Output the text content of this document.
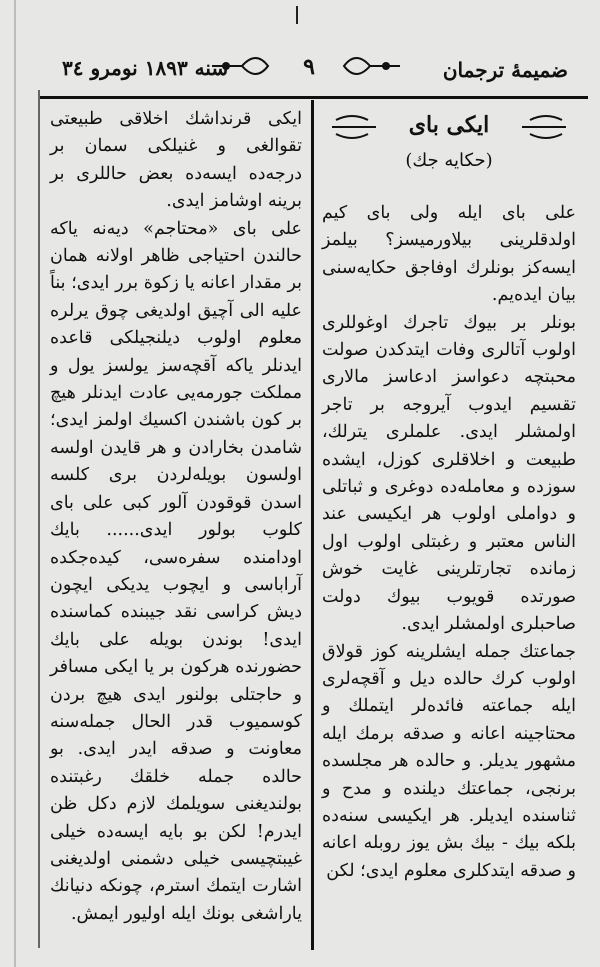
ضميمهٔ ترجمان
٩
سنه ١٨٩٣ نومرو ٣٤
ایکی بای
(حکایه جك)

علی بای ایله ولی بای کیم اولدقلرینی بیلاورمیسز؟ بیلمز ایسه‌کز بونلرك اوفاجق حکایه‌سنی بیان ایده‌یم.

بونلر بر بیوك تاجرك اوغوللری اولوب آتالری وفات ایتدکدن صولت محبتچه دعواسز ادعاسز مالاری تقسیم ایدوب آیروجه بر تاجر اولمشلر ایدی. علملری یترلك، طبیعت و اخلاقلری کوزل، ایشده سوزده و معامله‌ده دوغری و ثباتلی و دواملی اولوب هر ایکیسی عند الناس معتبر و رغبتلی اولوب اول زمانده تجارتلرینی غایت خوش صورتده قویوب بیوك دولت صاحبلری اولمشلر ایدی.

جماعتك جمله ایشلرینه کوز قولاق اولوب کرك حالده دیل و آقچه‌لری ایله جماعته فائده‌لر ایتملك و محتاجینه اعانه و صدقه برمك ایله مشهور یدیلر. و حالده هر مجلسده برنجی، جماعتك دیلنده و مدح و ثناسنده ایدیلر. هر ایکیسی سنه‌ده بلکه بیك - بیك بش یوز روبله اعانه و صدقه ایتدکلری معلوم ایدی؛ لکن

ایکی قرنداشك اخلاقی طبیعتی تقوالغی و غنیلکی سمان بر درجه‌ده ایسه‌ده بعض حاللری بر برینه اوشامز ایدی.

علی بای «محتاجم» دیه‌نه یاکه حالندن احتیاجی ظاهر اولانه همان بر مقدار اعانه یا زکوة برر ایدی؛ بناً علیه الی آچیق اولدیغی چوق یرلره معلوم اولوب دیلنجیلکی قاعده ایدنلر یاکه آقچه‌سز یولسز یول و مملکت جورمه‌یی عادت ایدنلر هیچ بر کون باشندن اکسیك اولمز ایدی؛ شامدن بخارادن و هر قایدن اولسه اولسون بویله‌لردن بری کلسه اسدن قوقودن آلور کبی علی بای کلوب بولور ایدی...... بایك اودامنده سفره‌سی، کیده‌جکده آراباسی و ایچوب یدیکی ایچون دیش کراسی نقد جیبنده کماسنده ایدی! بوندن بویله علی بایك حضورنده هرکون بر یا ایکی مسافر و حاجتلی بولنور ایدی هیچ بردن کوسمیوب قدر الحال جمله‌سنه معاونت و صدقه ایدر ایدی. بو حالده جمله خلقك رغبتنده بولندیغنی سویلمك لازم دکل ظن ایدرم! لکن بو بایه ایسه‌ده خیلی غیبتچیسی خیلی دشمنی اولدیغنی اشارت ایتمك استرم، چونکه دنیانك یاراشغی بونك ایله اولیور ایمش.
